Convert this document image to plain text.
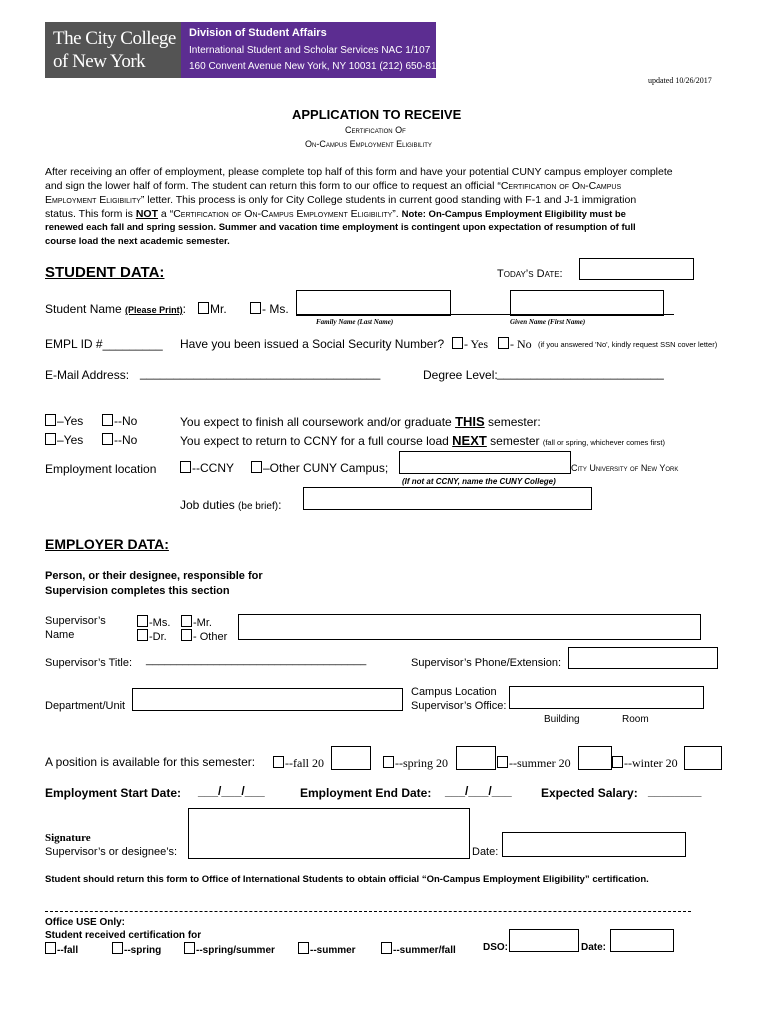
The City College
of New York
Division of Student Affairs
International Student and Scholar Services NAC 1/107
160 Convent Avenue New York, NY 10031 (212) 650-8106
updated 10/26/2017
APPLICATION TO RECEIVE
Certification Of
On-Campus Employment Eligibility
After receiving an offer of employment, please complete top half of this form and have your potential CUNY campus employer complete
and sign the lower half of form. The student can return this form to our office to request an official “Certification of On-Campus
Employment Eligibility” letter. This process is only for City College students in current good standing with F-1 and J-1 immigration
status. This form is NOT a “Certification of On-Campus Employment Eligibility”. Note: On-Campus Employment Eligibility must be
renewed each fall and spring session. Summer and vacation time employment is contingent upon expectation of resumption of full
course load the next academic semester.
STUDENT DATA:	Today’s Date:
Student Name (Please Print):	Mr.	- Ms.
Family Name (Last Name)	Given Name (First Name)
EMPL ID #_________ Have you been issued a Social Security Number?	- Yes	- No (if you answered 'No', kindly request SSN cover letter)
E-Mail Address: ____________________________________	Degree Level: _________________________
–Yes	--No	You expect to finish all coursework and/or graduate THIS semester:
–Yes	--No	You expect to return to CCNY for a full course load NEXT semester (fall or spring, whichever comes first)
Employment location	--CCNY	–Other CUNY Campus;	City University of New York
(If not at CCNY, name the CUNY College)
Job duties (be brief):
EMPLOYER DATA:
Person, or their designee, responsible for
Supervision completes this section
Supervisor’s
Name
-Ms.	-Mr.
-Dr.	- Other
Supervisor’s Title: ____________________________________	Supervisor’s Phone/Extension:
Department/Unit
Campus Location
Supervisor’s Office:
Building	Room
A position is available for this semester:	--fall 20	--spring 20	--summer 20	--winter 20
Employment Start Date: ___/___/___	Employment End Date: ___/___/___ Expected Salary: ________
Signature
Supervisor’s or designee’s:	Date:
Student should return this form to Office of International Students to obtain official “On-Campus Employment Eligibility” certification.
Office USE Only:
Student received certification for
--fall	--spring	--spring/summer	--summer	--summer/fall	DSO:	Date:
